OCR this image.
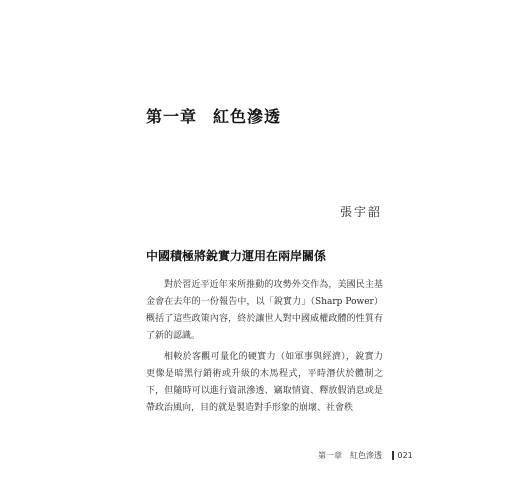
第一章 紅色滲透
張宇韶
中國積極將銳實力運用在兩岸關係

對於習近平近年來所推動的攻勢外交作為，美國民主基金會在去年的一份報告中，以「銳實力」（Sharp Power）概括了這些政策內容，終於讓世人對中國威權政體的性質有了新的認識。

相較於客觀可量化的硬實力（如軍事與經濟），銳實力更像是暗黑行銷術或升級的木馬程式，平時潛伏於體制之下，但隨時可以進行資訊滲透、竊取情資、釋放假消息或是帶政治風向，目的就是製造對手形象的崩壞、社會秩

第一章　紅色滲透 021
